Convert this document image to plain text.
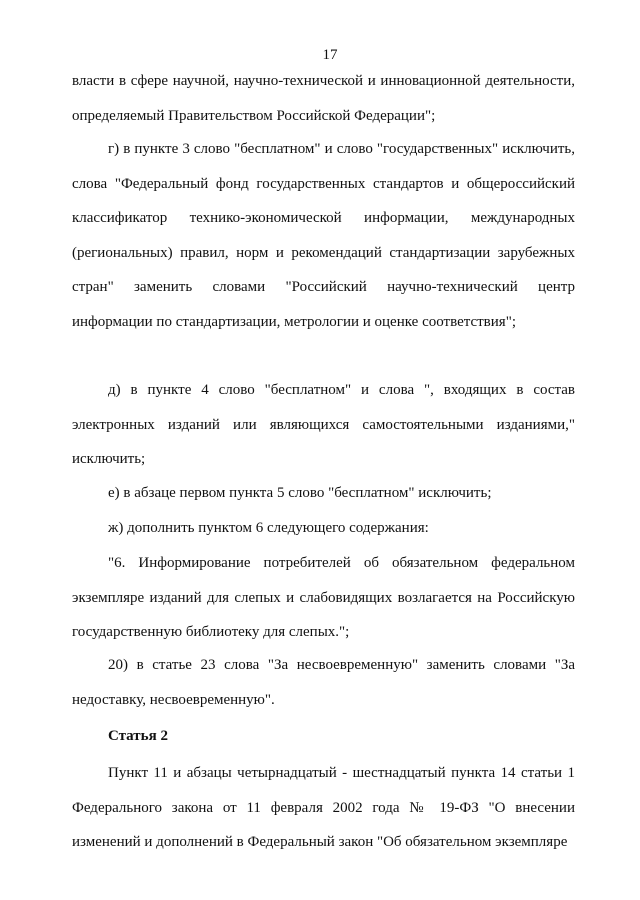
17

власти в сфере научной, научно-технической и инновационной деятельности, определяемый Правительством Российской Федерации";

г) в пункте 3 слово "бесплатном" и слово "государственных" исключить, слова "Федеральный фонд государственных стандартов и общероссийский классификатор технико-экономической информации, международных (региональных) правил, норм и рекомендаций стандартизации зарубежных стран" заменить словами "Российский научно-технический центр информации по стандартизации, метрологии и оценке соответствия";

д) в пункте 4 слово "бесплатном" и слова ", входящих в состав электронных изданий или являющихся самостоятельными изданиями," исключить;

е) в абзаце первом пункта 5 слово "бесплатном" исключить;

ж) дополнить пунктом 6 следующего содержания:

"6. Информирование потребителей об обязательном федеральном экземпляре изданий для слепых и слабовидящих возлагается на Российскую государственную библиотеку для слепых.";

20) в статье 23 слова "За несвоевременную" заменить словами "За недоставку, несвоевременную".

Статья 2

Пункт 11 и абзацы четырнадцатый - шестнадцатый пункта 14 статьи 1 Федерального закона от 11 февраля 2002 года № 19-ФЗ "О внесении изменений и дополнений в Федеральный закон "Об обязательном экземпляре
